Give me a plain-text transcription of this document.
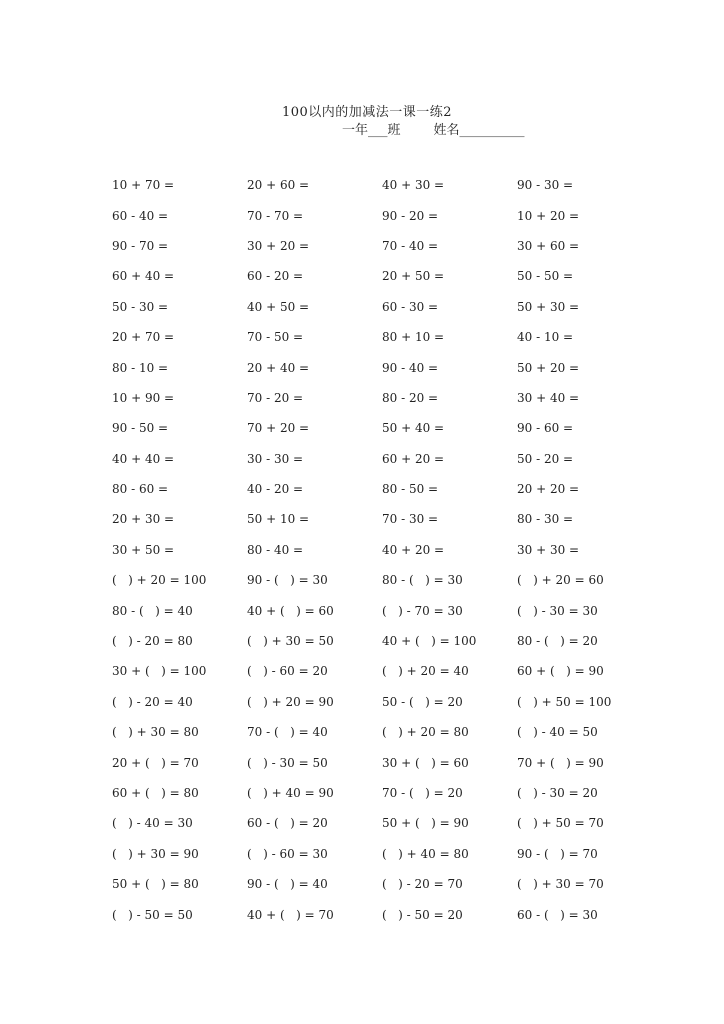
100以内的加减法一课一练2
一年___班        姓名__________
10 + 70 =	20 + 60 =	40 + 30 =	90 - 30 =
60 - 40 =	70 - 70 =	90 - 20 =	10 + 20 =
90 - 70 =	30 + 20 =	70 - 40 =	30 + 60 =
60 + 40 =	60 - 20 =	20 + 50 =	50 - 50 =
50 - 30 =	40 + 50 =	60 - 30 =	50 + 30 =
20 + 70 =	70 - 50 =	80 + 10 =	40 - 10 =
80 - 10 =	20 + 40 =	90 - 40 =	50 + 20 =
10 + 90 =	70 - 20 =	80 - 20 =	30 + 40 =
90 - 50 =	70 + 20 =	50 + 40 =	90 - 60 =
40 + 40 =	30 - 30 =	60 + 20 =	50 - 20 =
80 - 60 =	40 - 20 =	80 - 50 =	20 + 20 =
20 + 30 =	50 + 10 =	70 - 30 =	80 - 30 =
30 + 50 =	80 - 40 =	40 + 20 =	30 + 30 =
(   ) + 20 = 100	90 - (   ) = 30	80 - (   ) = 30	(   ) + 20 = 60
80 - (   ) = 40	40 + (   ) = 60	(   ) - 70 = 30	(   ) - 30 = 30
(   ) - 20 = 80	(   ) + 30 = 50	40 + (   ) = 100	80 - (   ) = 20
30 + (   ) = 100	(   ) - 60 = 20	(   ) + 20 = 40	60 + (   ) = 90
(   ) - 20 = 40	(   ) + 20 = 90	50 - (   ) = 20	(   ) + 50 = 100
(   ) + 30 = 80	70 - (   ) = 40	(   ) + 20 = 80	(   ) - 40 = 50
20 + (   ) = 70	(   ) - 30 = 50	30 + (   ) = 60	70 + (   ) = 90
60 + (   ) = 80	(   ) + 40 = 90	70 - (   ) = 20	(   ) - 30 = 20
(   ) - 40 = 30	60 - (   ) = 20	50 + (   ) = 90	(   ) + 50 = 70
(   ) + 30 = 90	(   ) - 60 = 30	(   ) + 40 = 80	90 - (   ) = 70
50 + (   ) = 80	90 - (   ) = 40	(   ) - 20 = 70	(   ) + 30 = 70
(   ) - 50 = 50	40 + (   ) = 70	(   ) - 50 = 20	60 - (   ) = 30
